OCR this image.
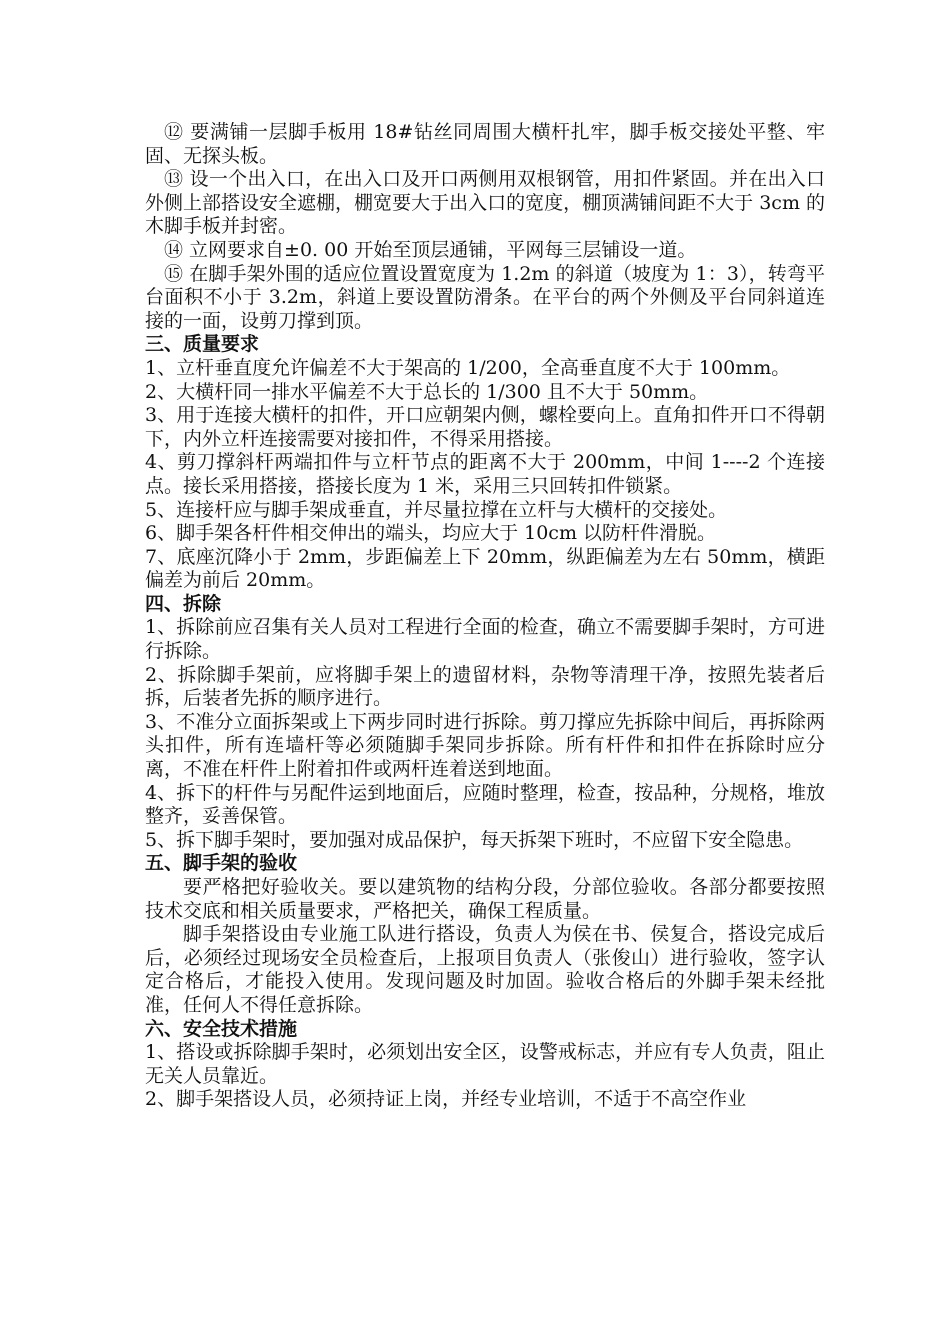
⑫ 要满铺一层脚手板用 18#钻丝同周围大横杆扎牢，脚手板交接处平整、牢固、无探头板。

⑬ 设一个出入口，在出入口及开口两侧用双根钢管，用扣件紧固。并在出入口外侧上部搭设安全遮棚，棚宽要大于出入口的宽度，棚顶满铺间距不大于 3cm 的木脚手板并封密。

⑭ 立网要求自±0. 00 开始至顶层通铺，平网每三层铺设一道。

⑮ 在脚手架外围的适应位置设置宽度为 1.2m 的斜道（坡度为 1：3），转弯平台面积不小于 3.2m，斜道上要设置防滑条。在平台的两个外侧及平台同斜道连接的一面，设剪刀撑到顶。

三、质量要求

1、立杆垂直度允许偏差不大于架高的 1/200，全高垂直度不大于 100mm。

2、大横杆同一排水平偏差不大于总长的 1/300 且不大于 50mm。

3、用于连接大横杆的扣件，开口应朝架内侧，螺栓要向上。直角扣件开口不得朝下，内外立杆连接需要对接扣件，不得采用搭接。

4、剪刀撑斜杆两端扣件与立杆节点的距离不大于 200mm，中间 1----2 个连接点。接长采用搭接，搭接长度为 1 米，采用三只回转扣件锁紧。

5、连接杆应与脚手架成垂直，并尽量拉撑在立杆与大横杆的交接处。

6、脚手架各杆件相交伸出的端头，均应大于 10cm 以防杆件滑脱。

7、底座沉降小于 2mm，步距偏差上下 20mm，纵距偏差为左右 50mm，横距偏差为前后 20mm。

四、拆除

1、拆除前应召集有关人员对工程进行全面的检查，确立不需要脚手架时，方可进行拆除。

2、拆除脚手架前，应将脚手架上的遗留材料，杂物等清理干净，按照先装者后拆，后装者先拆的顺序进行。

3、不准分立面拆架或上下两步同时进行拆除。剪刀撑应先拆除中间后，再拆除两头扣件，所有连墙杆等必须随脚手架同步拆除。所有杆件和扣件在拆除时应分离，不准在杆件上附着扣件或两杆连着送到地面。

4、拆下的杆件与另配件运到地面后，应随时整理，检查，按品种，分规格，堆放整齐，妥善保管。

5、拆下脚手架时，要加强对成品保护，每天拆架下班时，不应留下安全隐患。

五、脚手架的验收

要严格把好验收关。要以建筑物的结构分段，分部位验收。各部分都要按照技术交底和相关质量要求，严格把关，确保工程质量。

脚手架搭设由专业施工队进行搭设，负责人为侯在书、侯复合，搭设完成后后，必须经过现场安全员检查后，上报项目负责人（张俊山）进行验收，签字认定合格后，才能投入使用。发现问题及时加固。验收合格后的外脚手架未经批准，任何人不得任意拆除。

六、安全技术措施

1、搭设或拆除脚手架时，必须划出安全区，设警戒标志，并应有专人负责，阻止无关人员靠近。

2、脚手架搭设人员，必须持证上岗，并经专业培训，不适于不高空作业
